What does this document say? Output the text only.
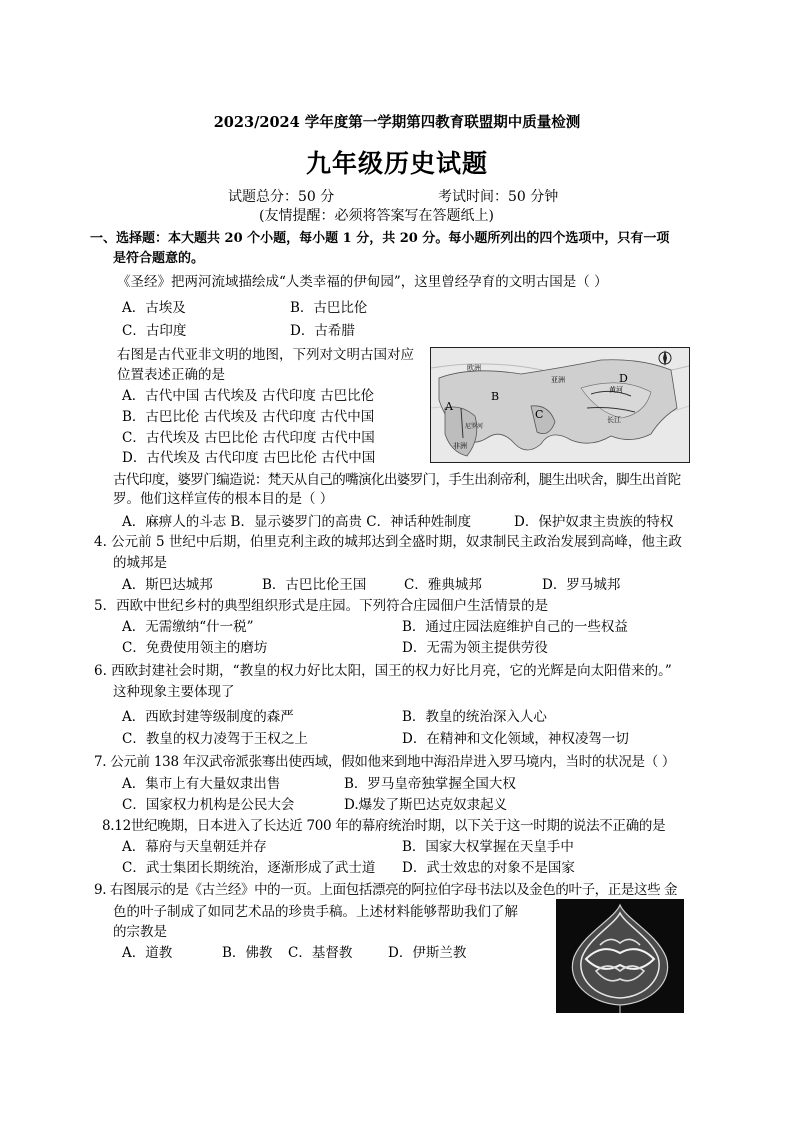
2023/2024 学年度第一学期第四教育联盟期中质量检测
九年级历史试题
试题总分：50 分	考试时间：50 分钟
(友情提醒：必须将答案写在答题纸上)
一、选择题：本大题共 20 个小题，每小题 1 分，共 20 分。每小题所列出的四个选项中，只有一项
是符合题意的。
《圣经》把两河流域描绘成“人类幸福的伊甸园”，这里曾经孕育的文明古国是（ ）
A．古埃及	B．古巴比伦
C．古印度	D．古希腊
右图是古代亚非文明的地图，下列对文明古国对应
位置表述正确的是
A．古代中国 古代埃及 古代印度 古巴比伦
B．古巴比伦 古代埃及 古代印度 古代中国
C．古代埃及 古巴比伦 古代印度 古代中国
D．古代埃及 古代印度 古巴比伦 古代中国
A
B
C
D
欧洲
亚洲
非洲
黄河
长江
尼罗河
古代印度，婆罗门编造说：梵天从自己的嘴演化出婆罗门，手生出刹帝利，腿生出吠舍，脚生出首陀
罗。他们这样宣传的根本目的是（ ）
A．麻痹人的斗志 B．显示婆罗门的高贵 C．神话种姓制度	D．保护奴隶主贵族的特权
4. 公元前 5 世纪中后期，伯里克利主政的城邦达到全盛时期，奴隶制民主政治发展到高峰，他主政
的城邦是
A．斯巴达城邦	B．古巴比伦王国	C．雅典城邦	D．罗马城邦
5．西欧中世纪乡村的典型组织形式是庄园。下列符合庄园佃户生活情景的是
A．无需缴纳“什一税”	B．通过庄园法庭维护自己的一些权益
C．免费使用领主的磨坊	D．无需为领主提供劳役
6. 西欧封建社会时期，“教皇的权力好比太阳，国王的权力好比月亮，它的光辉是向太阳借来的。”
这种现象主要体现了
A．西欧封建等级制度的森严	B．教皇的统治深入人心
C．教皇的权力凌驾于王权之上	D．在精神和文化领域，神权凌驾一切
7. 公元前 138 年汉武帝派张骞出使西域，假如他来到地中海沿岸进入罗马境内，当时的状况是（ ）
A．集市上有大量奴隶出售	B．罗马皇帝独掌握全国大权
C．国家权力机构是公民大会	D.爆发了斯巴达克奴隶起义
8.12世纪晚期，日本进入了长达近 700 年的幕府统治时期，以下关于这一时期的说法不正确的是
A．幕府与天皇朝廷并存	B．国家大权掌握在天皇手中
C．武士集团长期统治，逐渐形成了武士道 D．武士效忠的对象不是国家
9. 右图展示的是《古兰经》中的一页。上面包括漂亮的阿拉伯字母书法以及金色的叶子，正是这些 金
色的叶子制成了如同艺术品的珍贵手稿。上述材料能够帮助我们了解
的宗教是
A．道教	B．佛教 C．基督教	D．伊斯兰教
